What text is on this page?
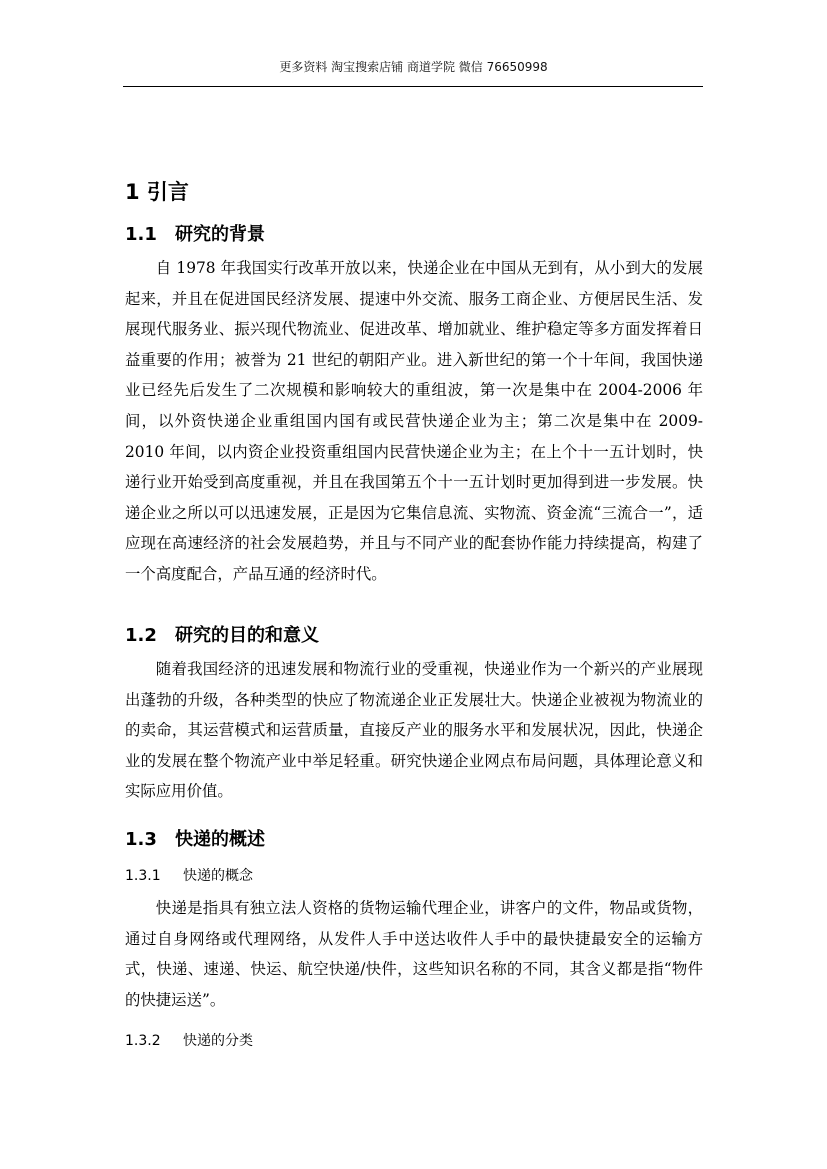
更多资料 淘宝搜索店铺 商道学院 微信 76650998
1 引言
1.1 研究的背景

自 1978 年我国实行改革开放以来，快递企业在中国从无到有，从小到大的发展起来，并且在促进国民经济发展、提速中外交流、服务工商企业、方便居民生活、发展现代服务业、振兴现代物流业、促进改革、增加就业、维护稳定等多方面发挥着日益重要的作用；被誉为 21 世纪的朝阳产业。进入新世纪的第一个十年间，我国快递业已经先后发生了二次规模和影响较大的重组波，第一次是集中在 2004-2006 年间，以外资快递企业重组国内国有或民营快递企业为主；第二次是集中在 2009-2010 年间，以内资企业投资重组国内民营快递企业为主；在上个十一五计划时，快递行业开始受到高度重视，并且在我国第五个十一五计划时更加得到进一步发展。快递企业之所以可以迅速发展，正是因为它集信息流、实物流、资金流“三流合一”，适应现在高速经济的社会发展趋势，并且与不同产业的配套协作能力持续提高，构建了一个高度配合，产品互通的经济时代。

1.2 研究的目的和意义

随着我国经济的迅速发展和物流行业的受重视，快递业作为一个新兴的产业展现出蓬勃的升级，各种类型的快应了物流递企业正发展壮大。快递企业被视为物流业的的卖命，其运营模式和运营质量，直接反产业的服务水平和发展状况，因此，快递企业的发展在整个物流产业中举足轻重。研究快递企业网点布局问题，具体理论意义和实际应用价值。

1.3 快递的概述
1.3.1 快递的概念

快递是指具有独立法人资格的货物运输代理企业，讲客户的文件，物品或货物，通过自身网络或代理网络，从发件人手中送达收件人手中的最快捷最安全的运输方式，快递、速递、快运、航空快递/快件，这些知识名称的不同，其含义都是指“物件的快捷运送”。

1.3.2 快递的分类
